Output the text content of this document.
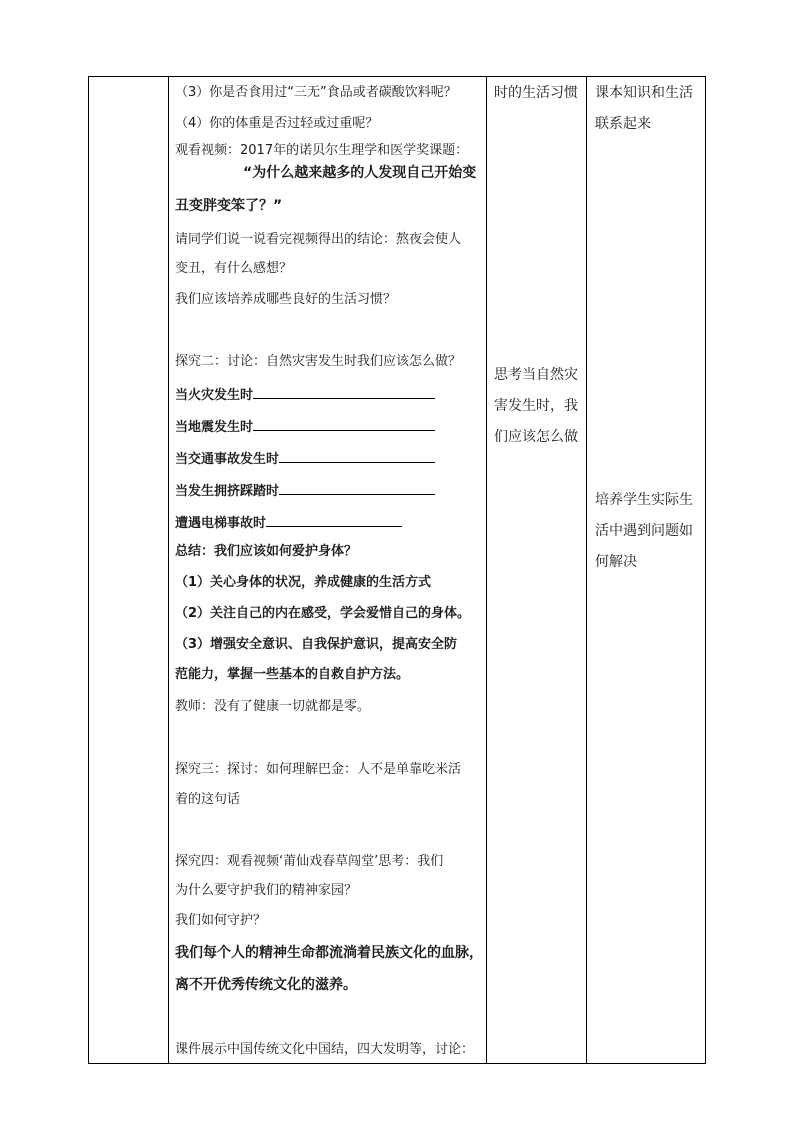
（3）你是否食用过“三无”食品或者碳酸饮料呢？
（4）你的体重是否过轻或过重呢？
观看视频：2017年的诺贝尔生理学和医学奖课题：
“为什么越来越多的人发现自己开始变
丑变胖变笨了？”
请同学们说一说看完视频得出的结论：熬夜会使人
变丑，有什么感想？
我们应该培养成哪些良好的生活习惯？
探究二：讨论：自然灾害发生时我们应该怎么做？
当火灾发生时
当地震发生时
当交通事故发生时
当发生拥挤踩踏时
遭遇电梯事故时
总结：我们应该如何爱护身体？
（1）关心身体的状况，养成健康的生活方式
（2）关注自己的内在感受，学会爱惜自己的身体。
（3）增强安全意识、自我保护意识，提高安全防
范能力，掌握一些基本的自救自护方法。
教师：没有了健康一切就都是零。
探究三：探讨：如何理解巴金：人不是单靠吃米活
着的这句话
探究四：观看视频‘莆仙戏春草闯堂’思考：我们
为什么要守护我们的精神家园？
我们如何守护？
我们每个人的精神生命都流淌着民族文化的血脉，
离不开优秀传统文化的滋养。
课件展示中国传统文化中国结，四大发明等，讨论：
时的生活习惯
思考当自然灾
害发生时，我
们应该怎么做
课本知识和生活
联系起来
培养学生实际生
活中遇到问题如
何解决
